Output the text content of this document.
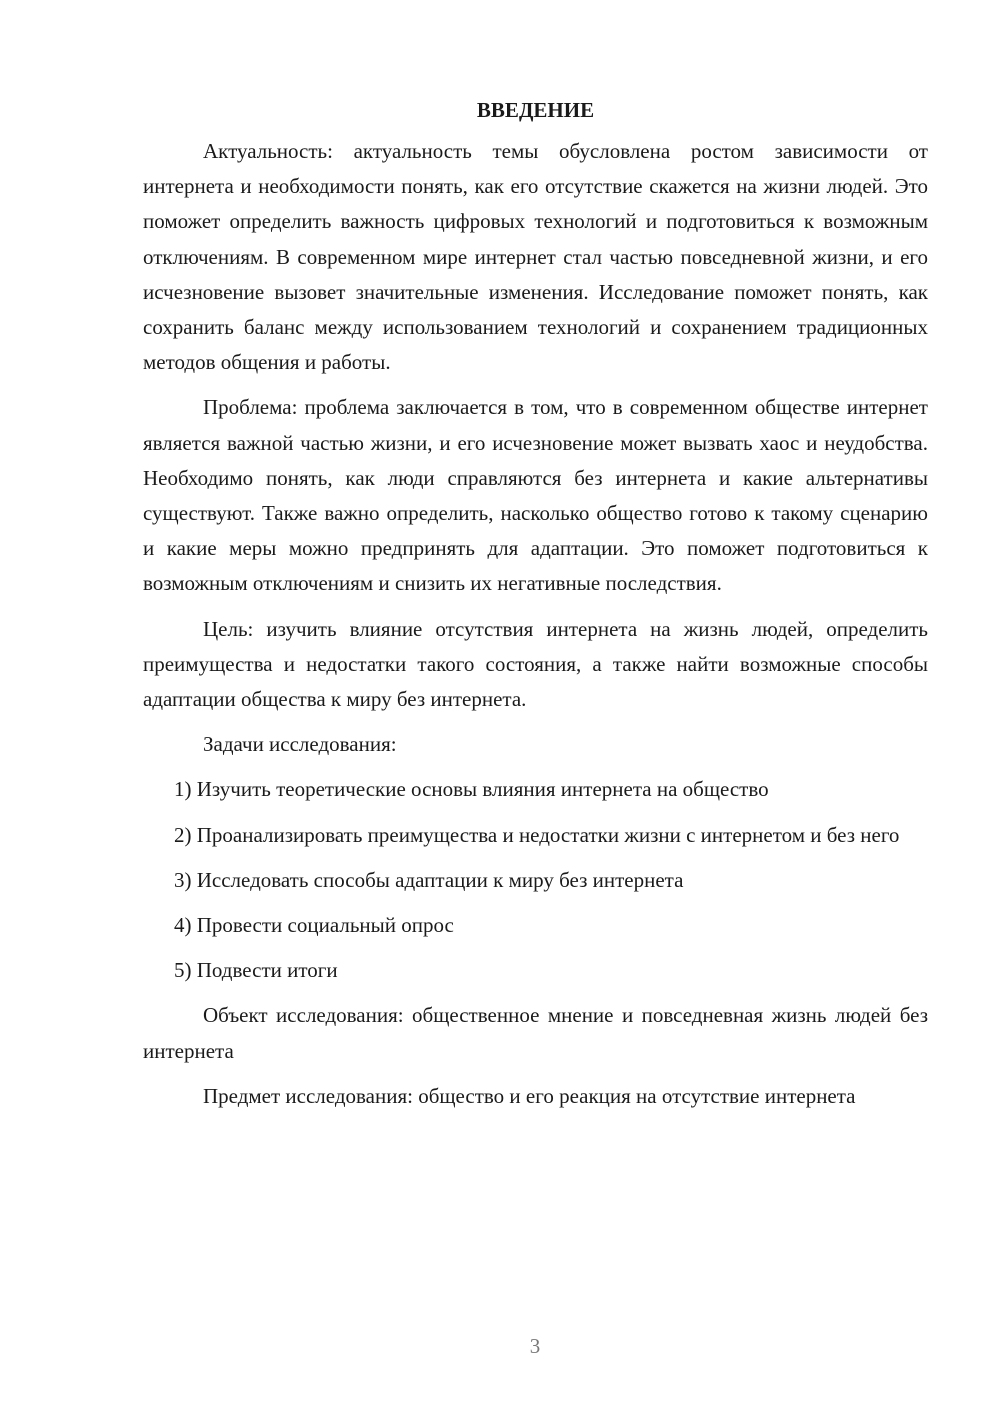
ВВЕДЕНИЕ

Актуальность: актуальность темы обусловлена ростом зависимости от интернета и необходимости понять, как его отсутствие скажется на жизни людей. Это поможет определить важность цифровых технологий и подготовиться к возможным отключениям. В современном мире интернет стал частью повседневной жизни, и его исчезновение вызовет значительные изменения. Исследование поможет понять, как сохранить баланс между использованием технологий и сохранением традиционных методов общения и работы.

Проблема: проблема заключается в том, что в современном обществе интернет является важной частью жизни, и его исчезновение может вызвать хаос и неудобства. Необходимо понять, как люди справляются без интернета и какие альтернативы существуют. Также важно определить, насколько общество готово к такому сценарию и какие меры можно предпринять для адаптации. Это поможет подготовиться к возможным отключениям и снизить их негативные последствия.

Цель: изучить влияние отсутствия интернета на жизнь людей, определить преимущества и недостатки такого состояния, а также найти возможные способы адаптации общества к миру без интернета.

Задачи исследования:

1) Изучить теоретические основы влияния интернета на общество

2) Проанализировать преимущества и недостатки жизни с интернетом и без него

3) Исследовать способы адаптации к миру без интернета

4) Провести социальный опрос

5) Подвести итоги

Объект исследования: общественное мнение и повседневная жизнь людей без интернета

Предмет исследования: общество и его реакция на отсутствие интернета

3
